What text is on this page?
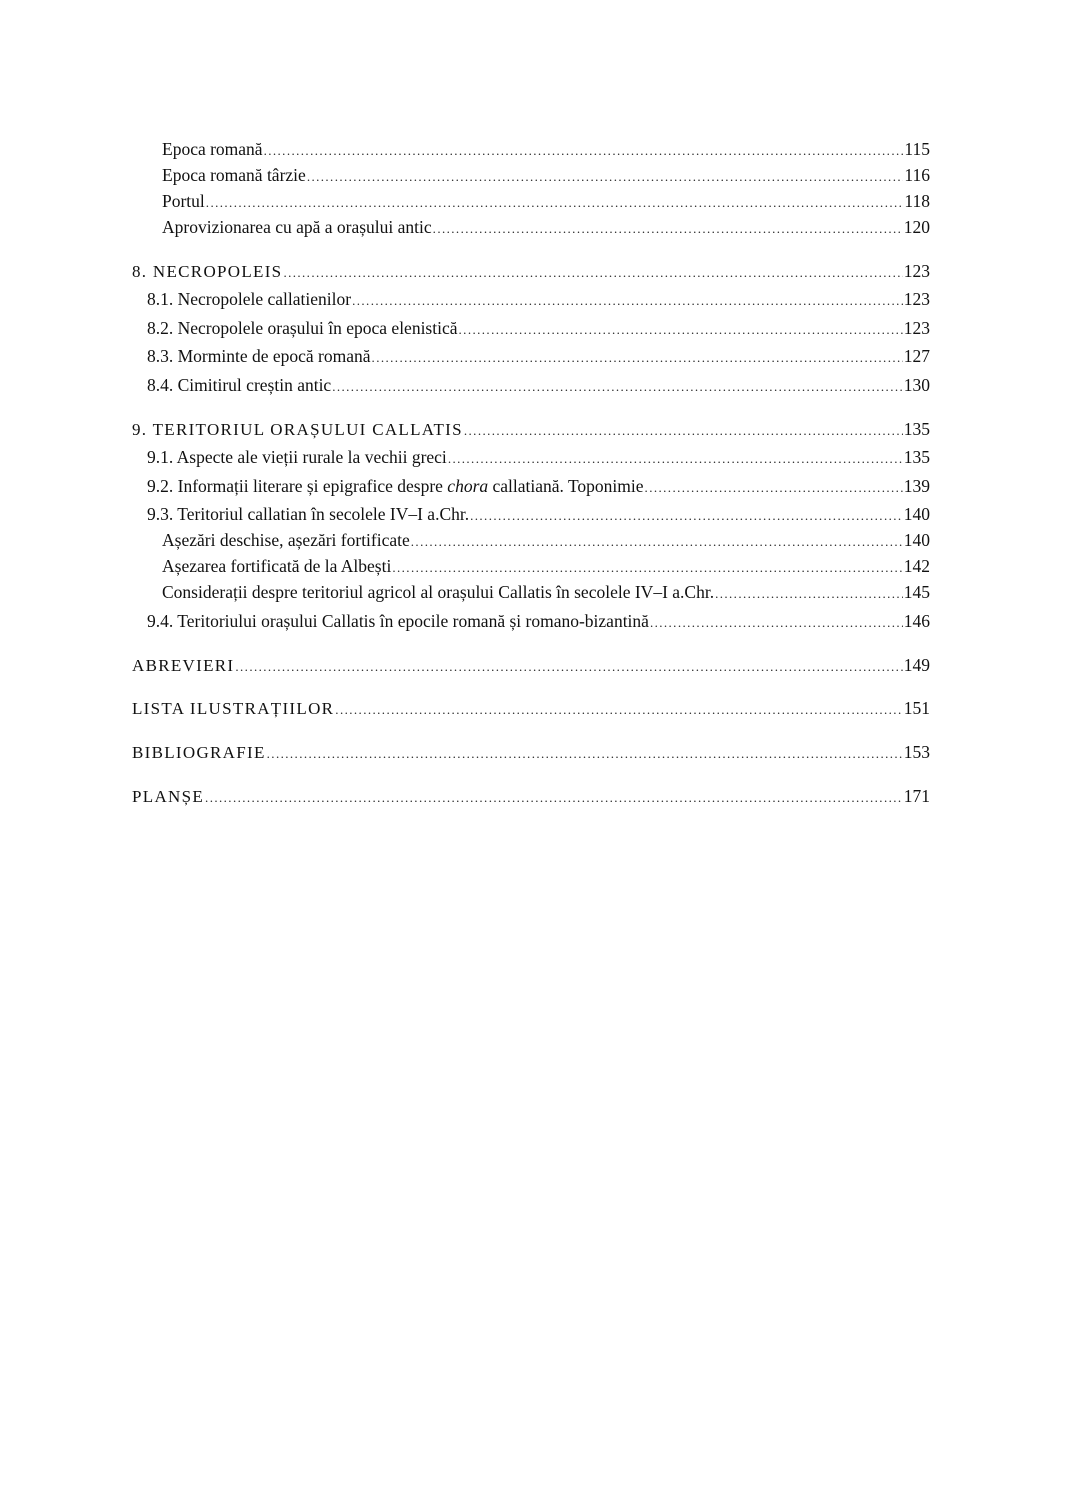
Epoca romană .....	115
Epoca romană târzie .....	116
Portul .....	118
Aprovizionarea cu apă a orașului antic .....	120
8. NECROPOLEIS .....	123
8.1. Necropolele callatienilor .....	123
8.2. Necropolele orașului în epoca elenistică .....	123
8.3. Morminte de epocă romană .....	127
8.4. Cimitirul creștin antic .....	130
9. TERITORIUL ORAȘULUI CALLATIS .....	135
9.1. Aspecte ale vieții rurale la vechii greci .....	135
9.2. Informații literare și epigrafice despre chora callatiană. Toponimie .....	139
9.3. Teritoriul callatian în secolele IV–I a.Chr. .....	140
Așezări deschise, așezări fortificate .....	140
Așezarea fortificată de la Albești .....	142
Considerații despre teritoriul agricol al orașului Callatis în secolele IV–I a.Chr. .....	145
9.4. Teritoriului orașului Callatis în epocile romană și romano-bizantină .....	146
ABREVIERI .....	149
LISTA ILUSTRAȚIILOR .....	151
BIBLIOGRAFIE .....	153
PLANȘE .....	171
